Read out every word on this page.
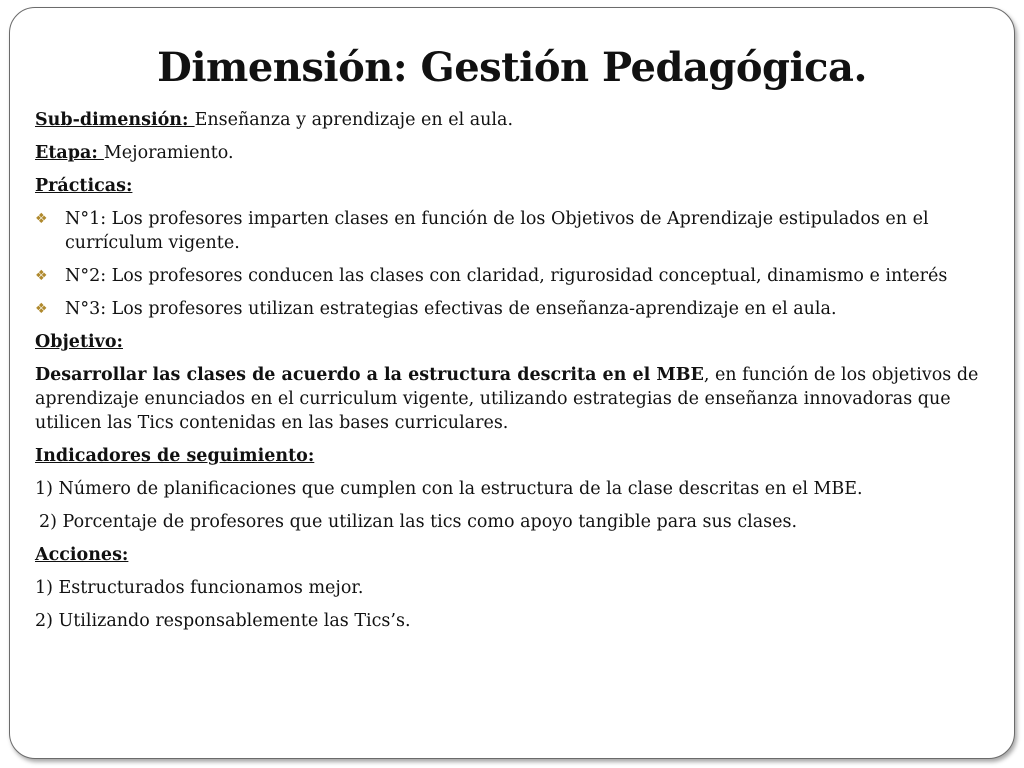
Dimensión: Gestión Pedagógica.

Sub-dimensión: Enseñanza y aprendizaje en el aula.

Etapa: Mejoramiento.

Prácticas:

❖ N°1: Los profesores imparten clases en función de los Objetivos de Aprendizaje estipulados en el currículum vigente.
❖ N°2: Los profesores conducen las clases con claridad, rigurosidad conceptual, dinamismo e interés
❖ N°3: Los profesores utilizan estrategias efectivas de enseñanza-aprendizaje en el aula.

Objetivo:

Desarrollar las clases de acuerdo a la estructura descrita en el MBE, en función de los objetivos de aprendizaje enunciados en el curriculum vigente, utilizando estrategias de enseñanza innovadoras que utilicen las Tics contenidas en las bases curriculares.

Indicadores de seguimiento:

1) Número de planificaciones que cumplen con la estructura de la clase descritas en el MBE.

2) Porcentaje de profesores que utilizan las tics como apoyo tangible para sus clases.

Acciones:

1) Estructurados funcionamos mejor.

2) Utilizando responsablemente las Tics’s.
